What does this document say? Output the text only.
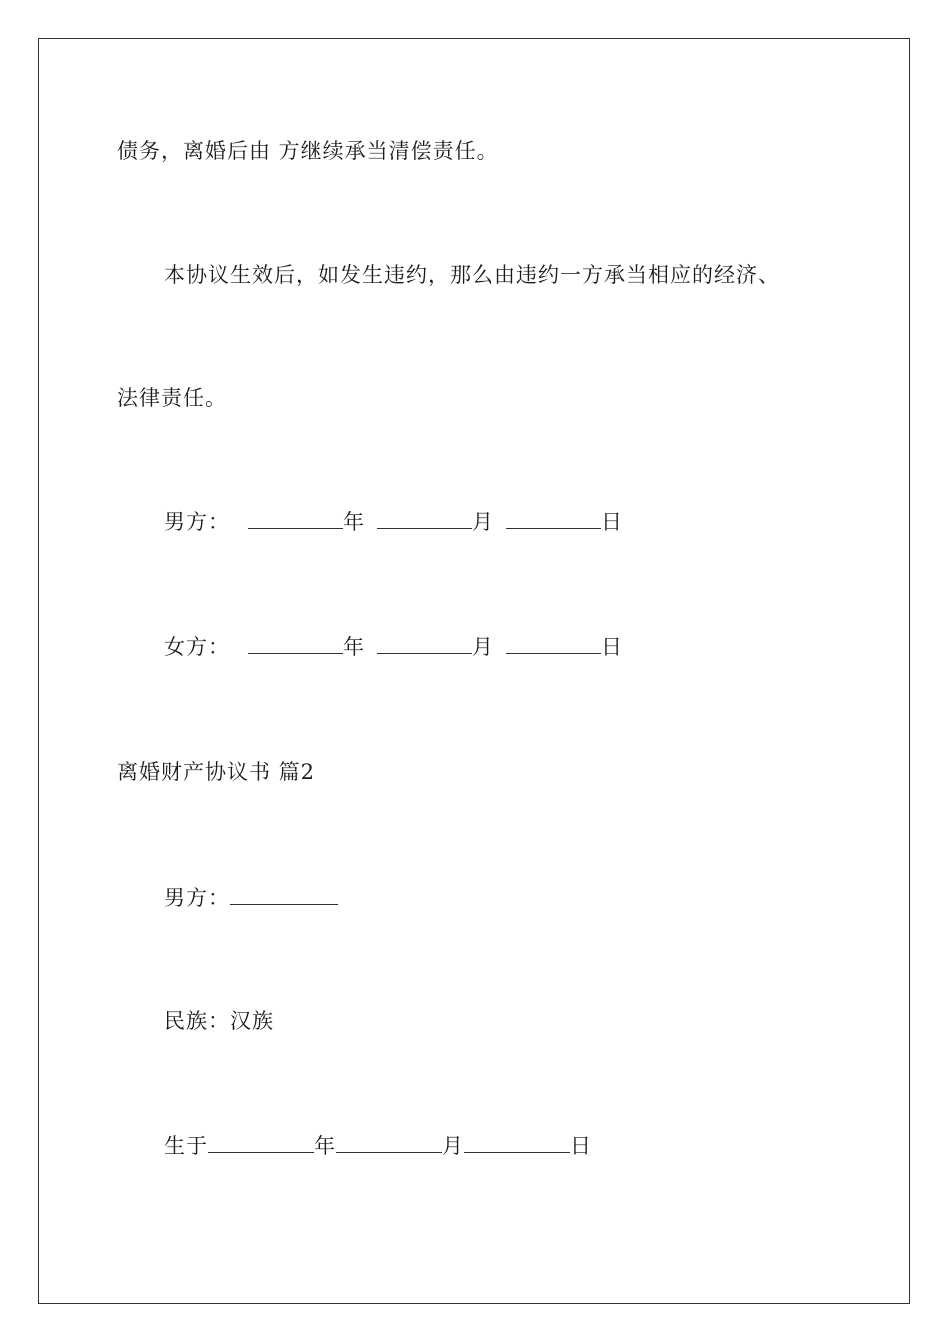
债务，离婚后由 方继续承当清偿责任。
本协议生效后，如发生违约，那么由违约一方承当相应的经济、
法律责任。
男方：	年	月	日
女方：	年	月	日
离婚财产协议书 篇2
男方：
民族：汉族
生于	年	月	日
